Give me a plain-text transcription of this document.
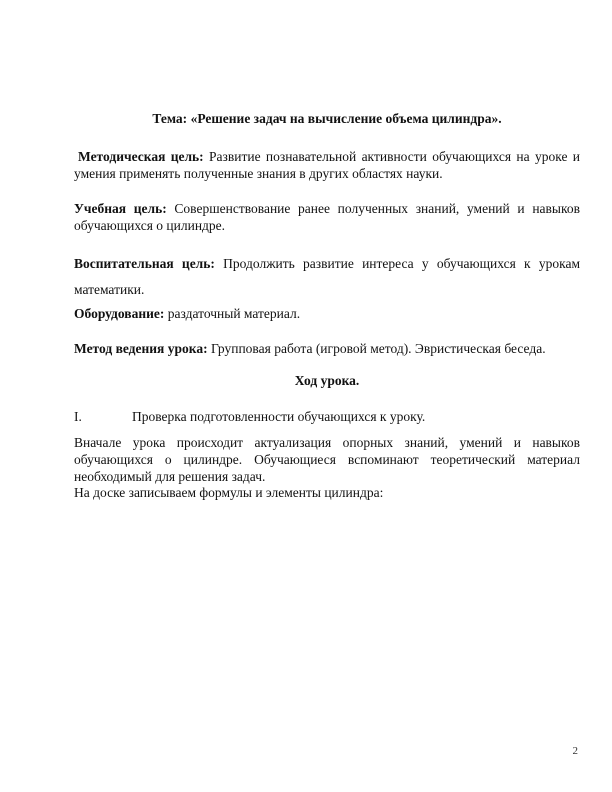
Тема: «Решение задач на вычисление объема цилиндра».
Методическая цель: Развитие познавательной активности обучающихся на уроке и умения применять полученные знания в других областях науки.
Учебная цель: Совершенствование ранее полученных знаний, умений и навыков обучающихся о цилиндре.
Воспитательная цель: Продолжить развитие интереса у обучающихся к урокам математики.
Оборудование: раздаточный материал.
Метод ведения урока: Групповая работа (игровой метод). Эвристическая беседа.
Ход урока.
I.	Проверка подготовленности обучающихся к уроку.
Вначале урока происходит актуализация опорных знаний, умений и навыков обучающихся о цилиндре. Обучающиеся вспоминают теоретический материал необходимый для решения задач.
На доске записываем формулы и элементы цилиндра:
2
